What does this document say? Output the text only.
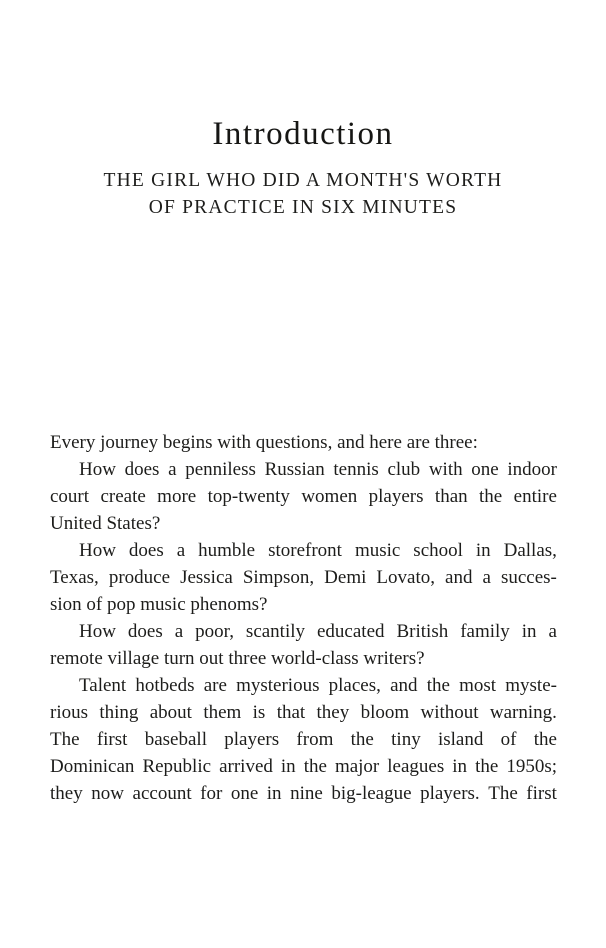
Introduction
THE GIRL WHO DID A MONTH'S WORTH
OF PRACTICE IN SIX MINUTES
Every journey begins with questions, and here are three:
How does a penniless Russian tennis club with one indoor
court create more top-twenty women players than the entire
United States?
How does a humble storefront music school in Dallas,
Texas, produce Jessica Simpson, Demi Lovato, and a succes-
sion of pop music phenoms?
How does a poor, scantily educated British family in a
remote village turn out three world-class writers?
Talent hotbeds are mysterious places, and the most myste-
rious thing about them is that they bloom without warning.
The first baseball players from the tiny island of the
Dominican Republic arrived in the major leagues in the 1950s;
they now account for one in nine big-league players. The first
